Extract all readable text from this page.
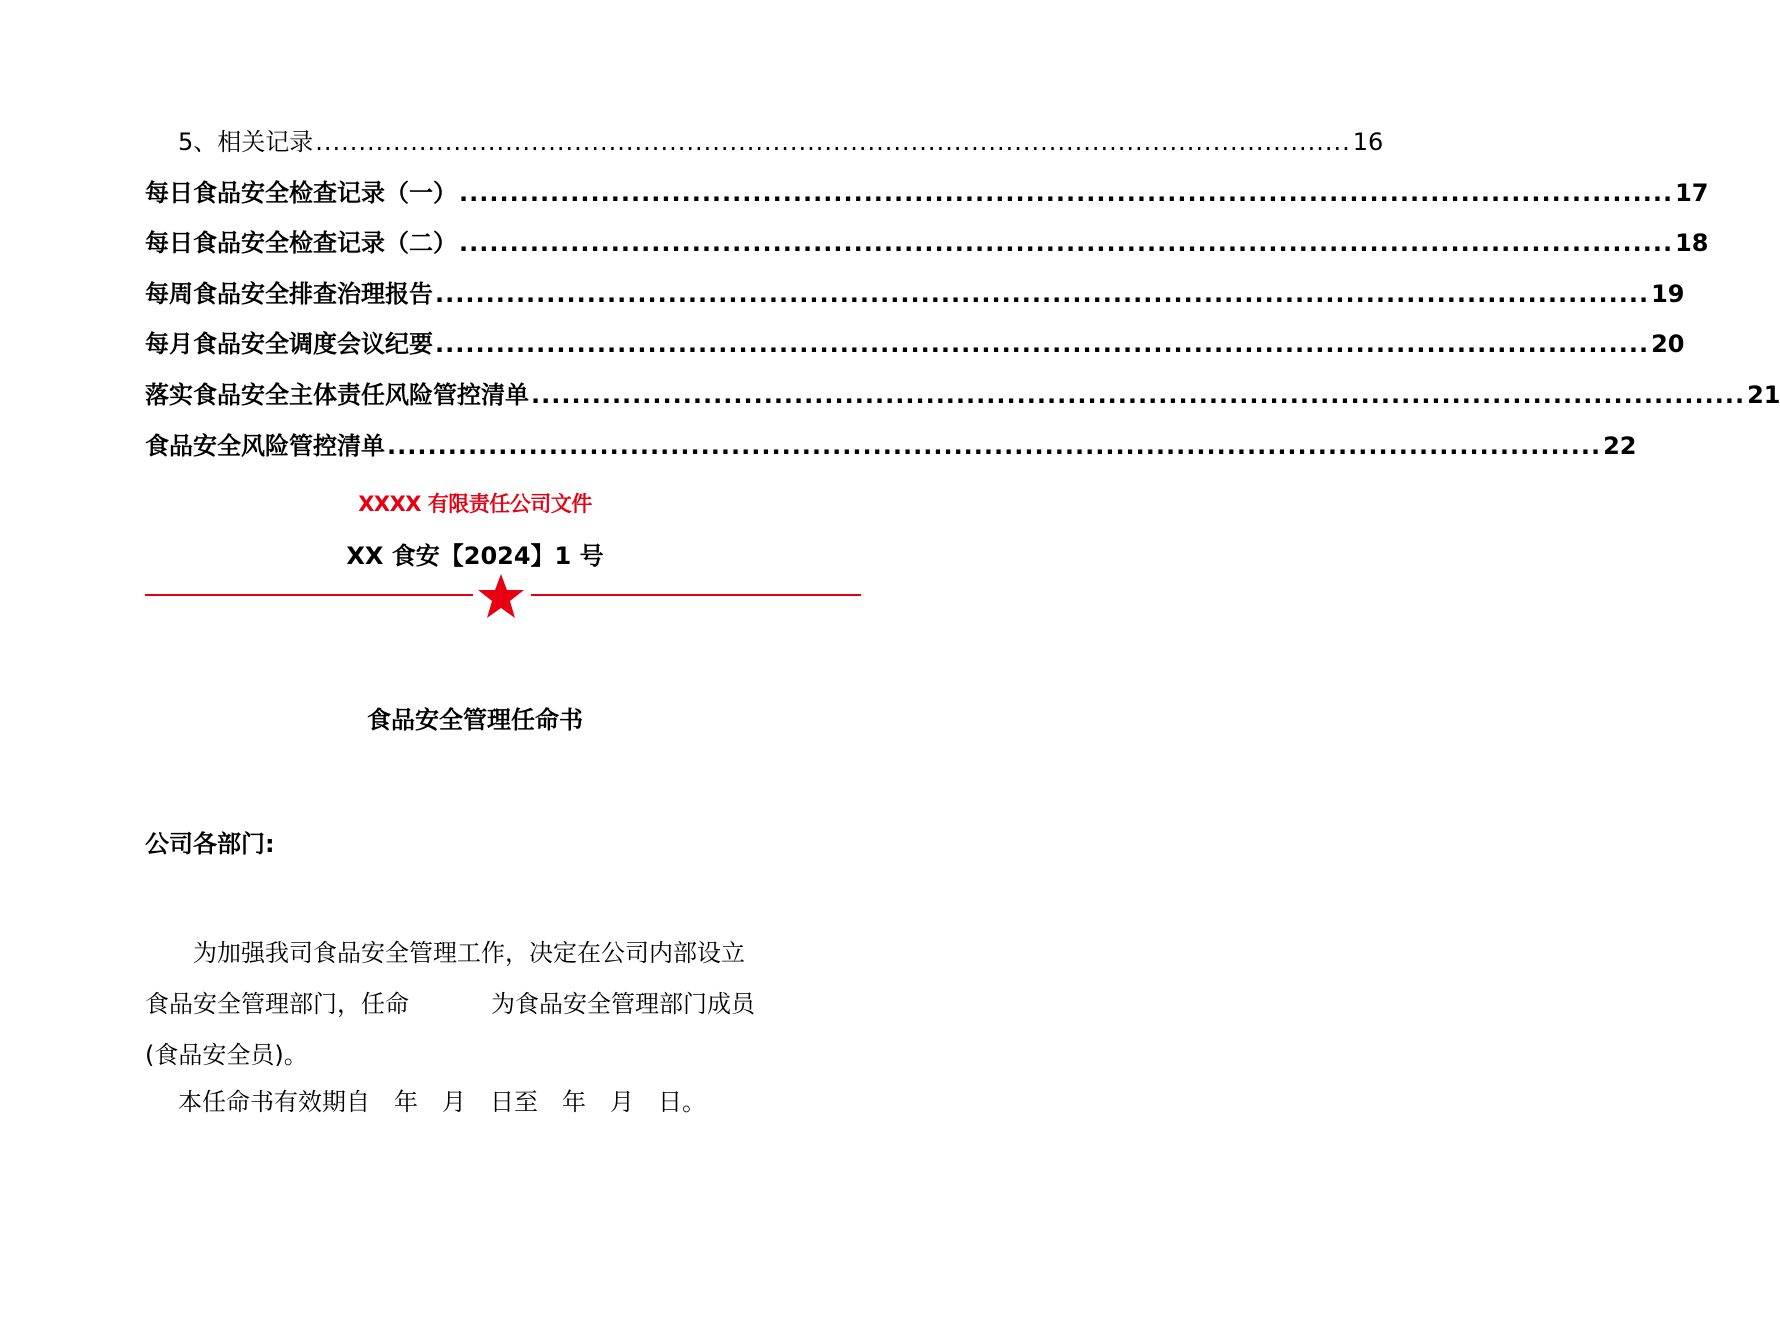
5、相关记录 ........................................................................................................................ 16
每日食品安全检查记录（一） ........................................................................................................................ 17
每日食品安全检查记录（二） ........................................................................................................................ 18
每周食品安全排查治理报告 ........................................................................................................................ 19
每月食品安全调度会议纪要 ........................................................................................................................ 20
落实食品安全主体责任风险管控清单 ........................................................................................................................ 21
食品安全风险管控清单 ........................................................................................................................ 22
XXXX 有限责任公司文件
XX 食安【2024】1 号
食品安全管理任命书
公司各部门:
为加强我司食品安全管理工作，决定在公司内部设立
食品安全管理部门，任命	为食品安全管理部门成员
(食品安全员)。
本任命书有效期自 年 月 日至 年 月 日。
